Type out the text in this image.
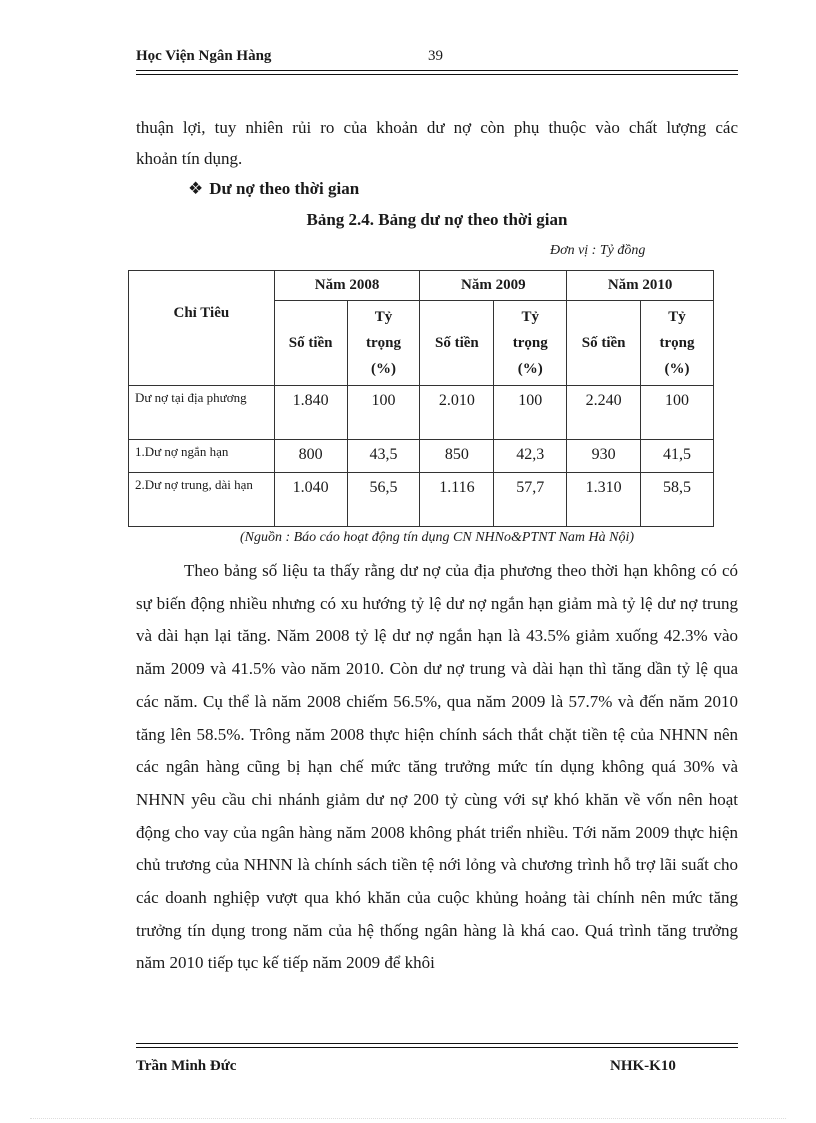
Học Viện Ngân Hàng	39
thuận lợi, tuy nhiên rủi ro của khoản dư nợ còn phụ thuộc vào chất lượng các
khoản tín dụng.
❖ Dư nợ theo thời gian
Bảng 2.4. Bảng dư nợ theo thời gian
Đơn vị : Tỷ đồng
Chỉ Tiêu	Năm 2008		Năm 2009		Năm 2010	
	Số tiền	Tỷ
trọng
(%)	Số tiền	Tỷ
trọng
(%)	Số tiền	Tỷ
trọng
(%)
Dư nợ tại địa phương	1.840	100	2.010	100	2.240	100
1.Dư nợ ngắn hạn	800	43,5	850	42,3	930	41,5
2.Dư nợ trung, dài hạn	1.040	56,5	1.116	57,7	1.310	58,5
(Nguồn : Báo cáo hoạt động tín dụng CN NHNo&PTNT Nam Hà Nội)

Theo bảng số liệu ta thấy rằng dư nợ của địa phương theo thời hạn không có có sự biến động nhiều nhưng có xu hướng tỷ lệ dư nợ ngắn hạn giảm mà tỷ lệ dư nợ trung và dài hạn lại tăng. Năm 2008 tỷ lệ dư nợ ngắn hạn là 43.5% giảm xuống 42.3% vào năm 2009 và 41.5% vào năm 2010. Còn dư nợ trung và dài hạn thì tăng dần tỷ lệ qua các năm. Cụ thể là năm 2008 chiếm 56.5%, qua năm 2009 là 57.7% và đến năm 2010 tăng lên 58.5%. Trông năm 2008 thực hiện chính sách thắt chặt tiền tệ của NHNN nên các ngân hàng cũng bị hạn chế mức tăng trưởng mức tín dụng không quá 30% và NHNN yêu cầu chi nhánh giảm dư nợ 200 tỷ cùng với sự khó khăn về vốn nên hoạt động cho vay của ngân hàng năm 2008 không phát triển nhiều. Tới năm 2009 thực hiện chủ trương của NHNN là chính sách tiền tệ nới lỏng và chương trình hỗ trợ lãi suất cho các doanh nghiệp vượt qua khó khăn của cuộc khủng hoảng tài chính nên mức tăng trưởng tín dụng trong năm của hệ thống ngân hàng là khá cao. Quá trình tăng trưởng năm 2010 tiếp tục kế tiếp năm 2009 để khôi

Trần Minh Đức	NHK-K10
